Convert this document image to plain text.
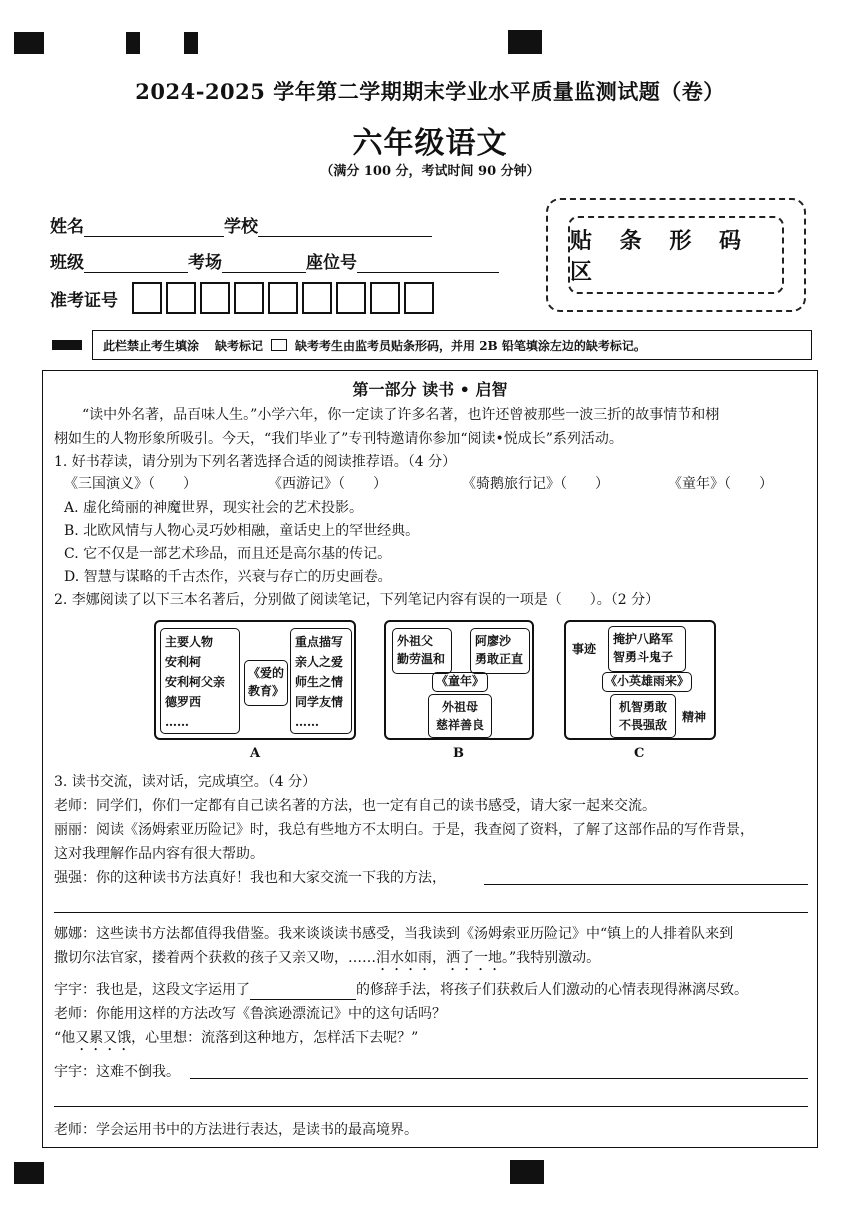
2024-2025 学年第二学期期末学业水平质量监测试题（卷）
六年级语文
（满分 100 分，考试时间 90 分钟）
姓名	学校
班级	考场	座位号
准考证号
贴 条 形 码 区
此栏禁止考生填涂 缺考标记	缺考考生由监考员贴条形码，并用 2B 铅笔填涂左边的缺考标记。
第一部分 读书 • 启智
“读中外名著，品百味人生。”小学六年，你一定读了许多名著，也许还曾被那些一波三折的故事情节和栩
栩如生的人物形象所吸引。今天，“我们毕业了”专刊特邀请你参加“阅读•悦成长”系列活动。
1. 好书荐读，请分别为下列名著选择合适的阅读推荐语。（4 分）
《三国演义》（　　）	《西游记》（　　）	《骑鹅旅行记》（　　）	《童年》（　　）
A. 虚化绮丽的神魔世界，现实社会的艺术投影。
B. 北欧风情与人物心灵巧妙相融，童话史上的罕世经典。
C. 它不仅是一部艺术珍品，而且还是高尔基的传记。
D. 智慧与谋略的千古杰作，兴衰与存亡的历史画卷。
2. 李娜阅读了以下三本名著后，分别做了阅读笔记，下列笔记内容有误的一项是（　　）。（2 分）
主要人物
安利柯
安利柯父亲
德罗西
……
《爱的
教育》
重点描写
亲人之爱
师生之情
同学友情
……
A
外祖父
勤劳温和
阿廖沙
勇敢正直
《童年》
外祖母
慈祥善良
B
事迹
掩护八路军
智勇斗鬼子
《小英雄雨来》
机智勇敢
不畏强敌
精神
C
3. 读书交流，读对话，完成填空。（4 分）
老师：同学们，你们一定都有自己读名著的方法，也一定有自己的读书感受，请大家一起来交流。
丽丽：阅读《汤姆索亚历险记》时，我总有些地方不太明白。于是，我查阅了资料，了解了这部作品的写作背景，
这对我理解作品内容有很大帮助。
强强：你的这种读书方法真好！我也和大家交流一下我的方法，
娜娜：这些读书方法都值得我借鉴。我来谈谈读书感受，当我读到《汤姆索亚历险记》中“镇上的人排着队来到
撒切尔法官家，搂着两个获救的孩子又亲又吻，……泪水如雨，洒了一地。”我特别激动。
宇宇：我也是，这段文字运用了	的修辞手法，将孩子们获救后人们激动的心情表现得淋漓尽致。
老师：你能用这样的方法改写《鲁滨逊漂流记》中的这句话吗？
“他又累又饿，心里想：流落到这种地方，怎样活下去呢？”
宇宇：这难不倒我。
老师：学会运用书中的方法进行表达，是读书的最高境界。
